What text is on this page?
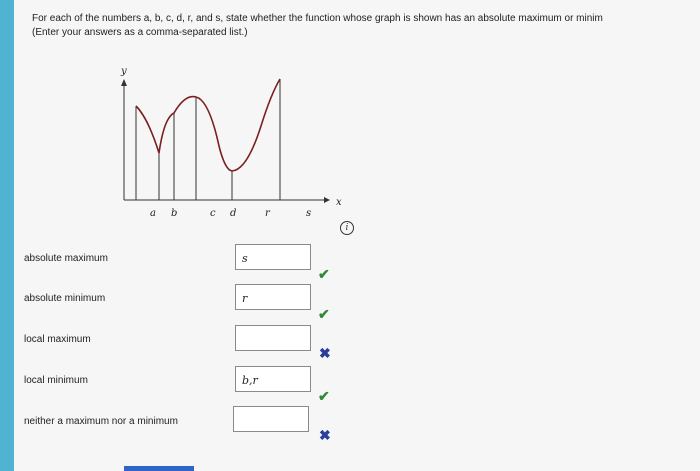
For each of the numbers a, b, c, d, r, and s, state whether the function whose graph is shown has an absolute maximum or minim
(Enter your answers as a comma-separated list.)
y
x
a b	c d	r	s
i
absolute maximum	s
✔
absolute minimum	r
✔
local maximum
✖
local minimum	b,r
✔
neither a maximum nor a minimum
✖
